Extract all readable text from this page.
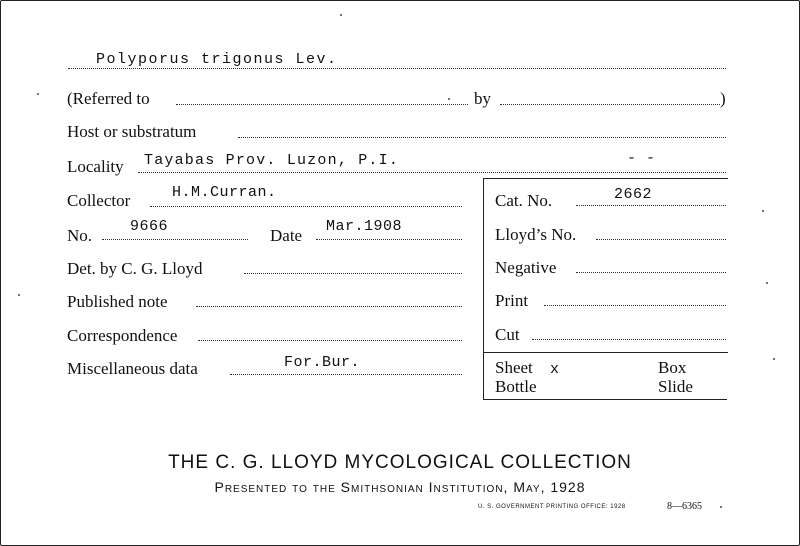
Polyporus trigonus Lev.
(Referred to	by	)
Host or substratum
Locality Tayabas Prov. Luzon, P.I.	- -
Collector	H.M.Curran.
No.	9666	Date Mar.1908
Det. by C. G. Lloyd
Published note
Correspondence
Miscellaneous data	For.Bur.
Cat. No.	2662
Lloyd’s No.
Negative
Print
Cut
Sheet x	Box
Bottle	Slide
THE C. G. LLOYD MYCOLOGICAL COLLECTION
Presented to the Smithsonian Institution, May, 1928
U. S. GOVERNMENT PRINTING OFFICE: 1928	8—6365
